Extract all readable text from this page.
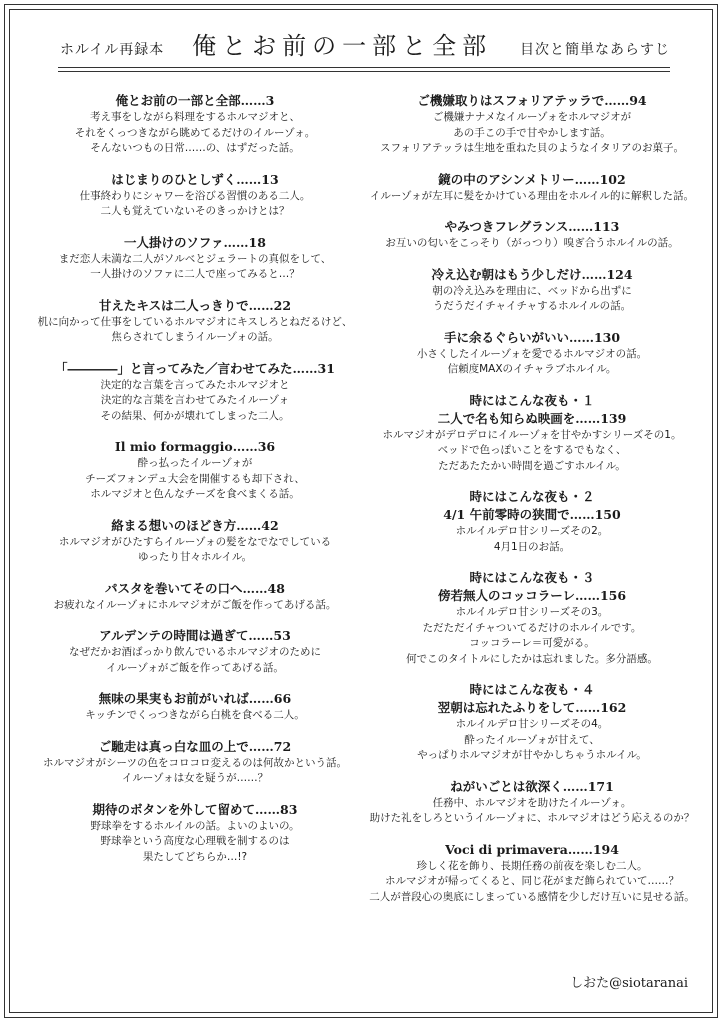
ホルイル再録本 俺とお前の一部と全部 目次と簡単なあらすじ
俺とお前の一部と全部……3
考え事をしながら料理をするホルマジオと、
それをくっつきながら眺めてるだけのイルーゾォ。
そんないつもの日常……の、はずだった話。
はじまりのひとしずく……13
仕事終わりにシャワーを浴びる習慣のある二人。
二人も覚えていないそのきっかけとは？
一人掛けのソファ……18
まだ恋人未満な二人がソルベとジェラートの真似をして、
一人掛けのソファに二人で座ってみると…？
甘えたキスは二人っきりで……22
机に向かって仕事をしているホルマジオにキスしろとねだるけど、
焦らされてしまうイルーゾォの話。
「――――」と言ってみた／言わせてみた……31
決定的な言葉を言ってみたホルマジオと
決定的な言葉を言わせてみたイルーゾォ
その結果、何かが壊れてしまった二人。
Il mio formaggio……36
酔っ払ったイルーゾォが
チーズフォンデュ大会を開催するも却下され、
ホルマジオと色んなチーズを食べまくる話。
絡まる想いのほどき方……42
ホルマジオがひたすらイルーゾォの髪をなでなでしている
ゆったり甘々ホルイル。
パスタを巻いてその口へ……48
お疲れなイルーゾォにホルマジオがご飯を作ってあげる話。
アルデンテの時間は過ぎて……53
なぜだかお酒ばっかり飲んでいるホルマジオのために
イルーゾォがご飯を作ってあげる話。
無味の果実もお前がいれば……66
キッチンでくっつきながら白桃を食べる二人。
ご馳走は真っ白な皿の上で……72
ホルマジオがシーツの色をコロコロ変えるのは何故かという話。
イルーゾォは女を疑うが……？
期待のボタンを外して留めて……83
野球拳をするホルイルの話。よいのよいの。
野球拳という高度な心理戦を制するのは
果たしてどちらか…!?
ご機嫌取りはスフォリアテッラで……94
ご機嫌ナナメなイルーゾォをホルマジオが
あの手この手で甘やかします話。
スフォリアテッラは生地を重ねた貝のようなイタリアのお菓子。
鏡の中のアシンメトリー……102
イルーゾォが左耳に髪をかけている理由をホルイル的に解釈した話。
やみつきフレグランス……113
お互いの匂いをこっそり（がっつり）嗅ぎ合うホルイルの話。
冷え込む朝はもう少しだけ……124
朝の冷え込みを理由に、ベッドから出ずに
うだうだイチャイチャするホルイルの話。
手に余るぐらいがいい……130
小さくしたイルーゾォを愛でるホルマジオの話。
信頼度MAXのイチャラブホルイル。
時にはこんな夜も・１
二人で名も知らぬ映画を……139
ホルマジオがデロデロにイルーゾォを甘やかすシリーズその1。
ベッドで色っぽいことをするでもなく、
ただあたたかい時間を過ごすホルイル。
時にはこんな夜も・２
4/1 午前零時の狭間で……150
ホルイルデロ甘シリーズその2。
4月1日のお話。
時にはこんな夜も・３
傍若無人のコッコラーレ……156
ホルイルデロ甘シリーズその3。
ただただイチャついてるだけのホルイルです。
コッコラーレ＝可愛がる。
何でこのタイトルにしたかは忘れました。多分語感。
時にはこんな夜も・４
翌朝は忘れたふりをして……162
ホルイルデロ甘シリーズその4。
酔ったイルーゾォが甘えて、
やっぱりホルマジオが甘やかしちゃうホルイル。
ねがいごとは欲深く……171
任務中、ホルマジオを助けたイルーゾォ。
助けた礼をしろというイルーゾォに、ホルマジオはどう応えるのか？
Voci di primavera……194
珍しく花を飾り、長期任務の前夜を楽しむ二人。
ホルマジオが帰ってくると、同じ花がまだ飾られていて……？
二人が普段心の奥底にしまっている感情を少しだけ互いに見せる話。
しおた@siotaranai
